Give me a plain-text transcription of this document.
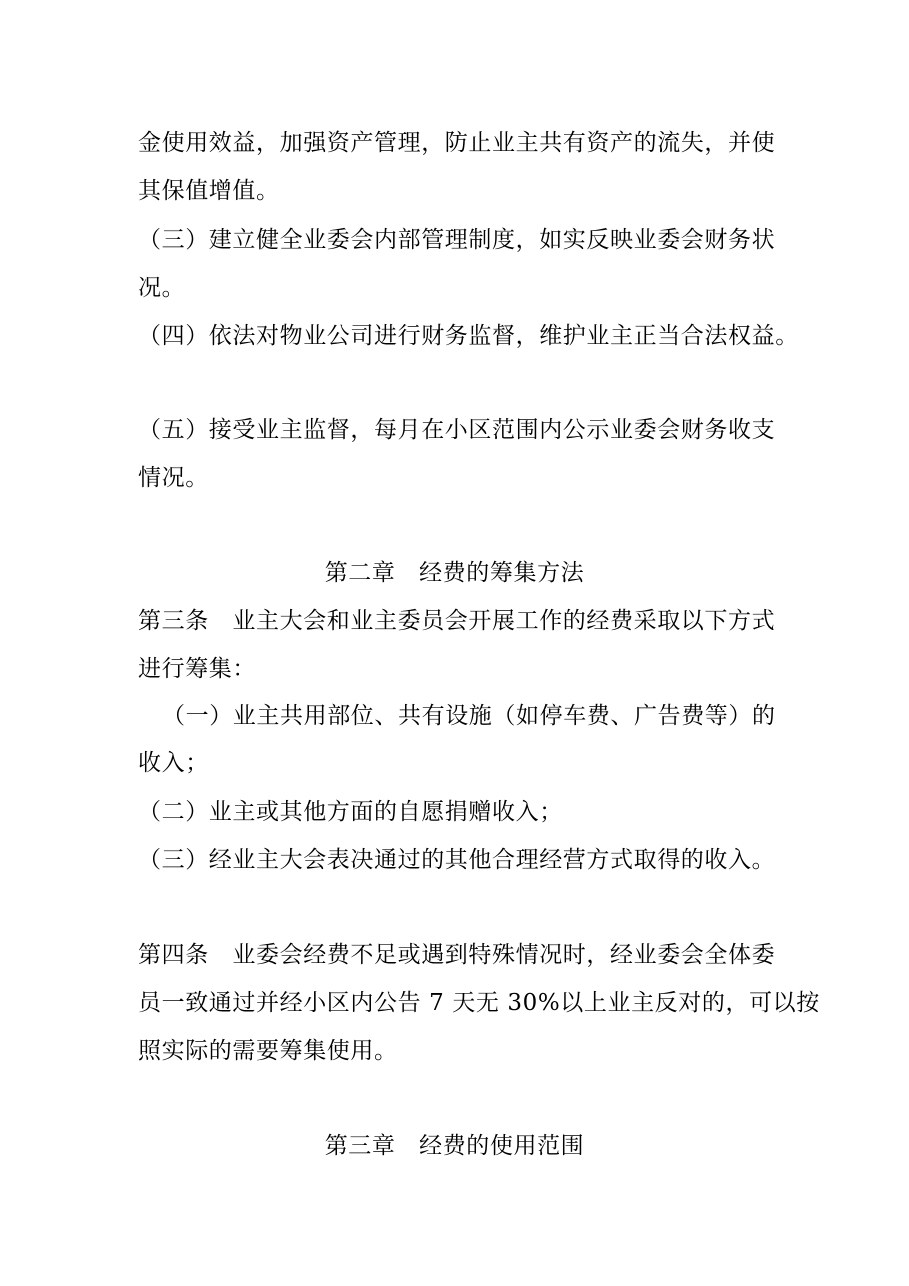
金使用效益，加强资产管理，防止业主共有资产的流失，并使
其保值增值。
（三）建立健全业委会内部管理制度，如实反映业委会财务状
况。
（四）依法对物业公司进行财务监督，维护业主正当合法权益。
（五）接受业主监督，每月在小区范围内公示业委会财务收支
情况。
第二章　经费的筹集方法
第三条　业主大会和业主委员会开展工作的经费采取以下方式
进行筹集：
（一）业主共用部位、共有设施（如停车费、广告费等）的
收入；
（二）业主或其他方面的自愿捐赠收入；
（三）经业主大会表决通过的其他合理经营方式取得的收入。
第四条　业委会经费不足或遇到特殊情况时，经业委会全体委
员一致通过并经小区内公告 7 天无 30%以上业主反对的，可以按
照实际的需要筹集使用。
第三章　经费的使用范围
